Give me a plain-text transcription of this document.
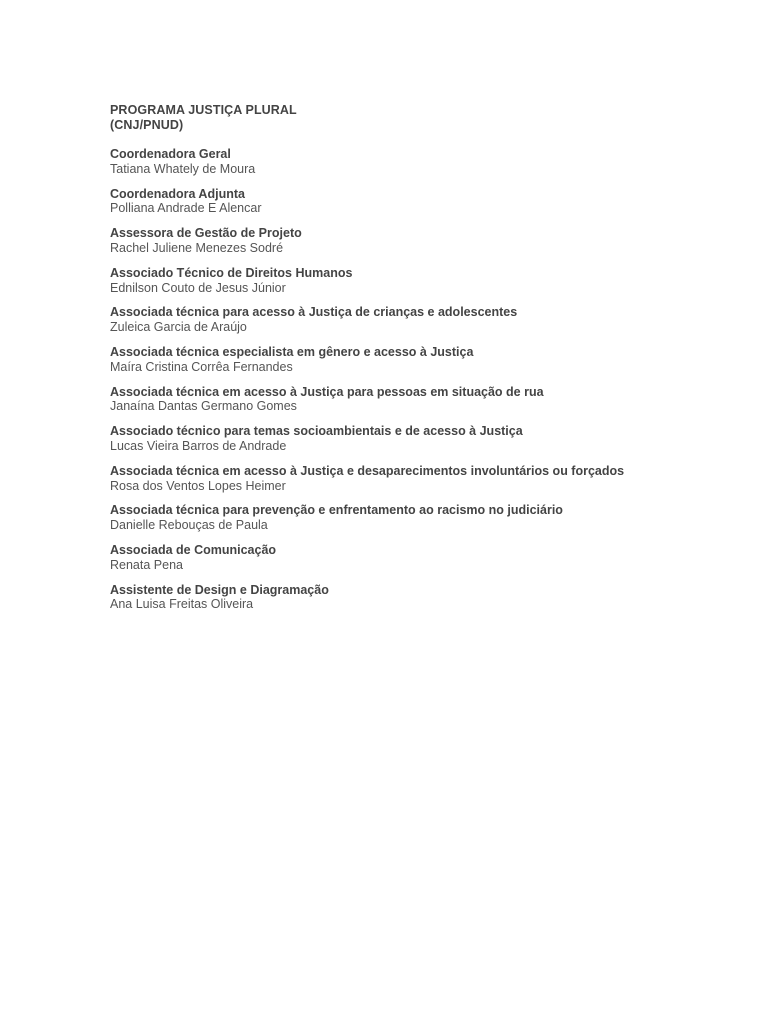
PROGRAMA JUSTIÇA PLURAL
(CNJ/PNUD)
Coordenadora Geral
Tatiana Whately de Moura
Coordenadora Adjunta
Polliana Andrade E Alencar
Assessora de Gestão de Projeto
Rachel Juliene Menezes Sodré
Associado Técnico de Direitos Humanos
Ednilson Couto de Jesus Júnior
Associada técnica para acesso à Justiça de crianças e adolescentes
Zuleica Garcia de Araújo
Associada técnica especialista em gênero e acesso à Justiça
Maíra Cristina Corrêa Fernandes
Associada técnica em acesso à Justiça para pessoas em situação de rua
Janaína Dantas Germano Gomes
Associado técnico para temas socioambientais e de acesso à Justiça
Lucas Vieira Barros de Andrade
Associada técnica em acesso à Justiça e desaparecimentos involuntários ou forçados
Rosa dos Ventos Lopes Heimer
Associada técnica para prevenção e enfrentamento ao racismo no judiciário
Danielle Rebouças de Paula
Associada de Comunicação
Renata Pena
Assistente de Design e Diagramação
Ana Luisa Freitas Oliveira
